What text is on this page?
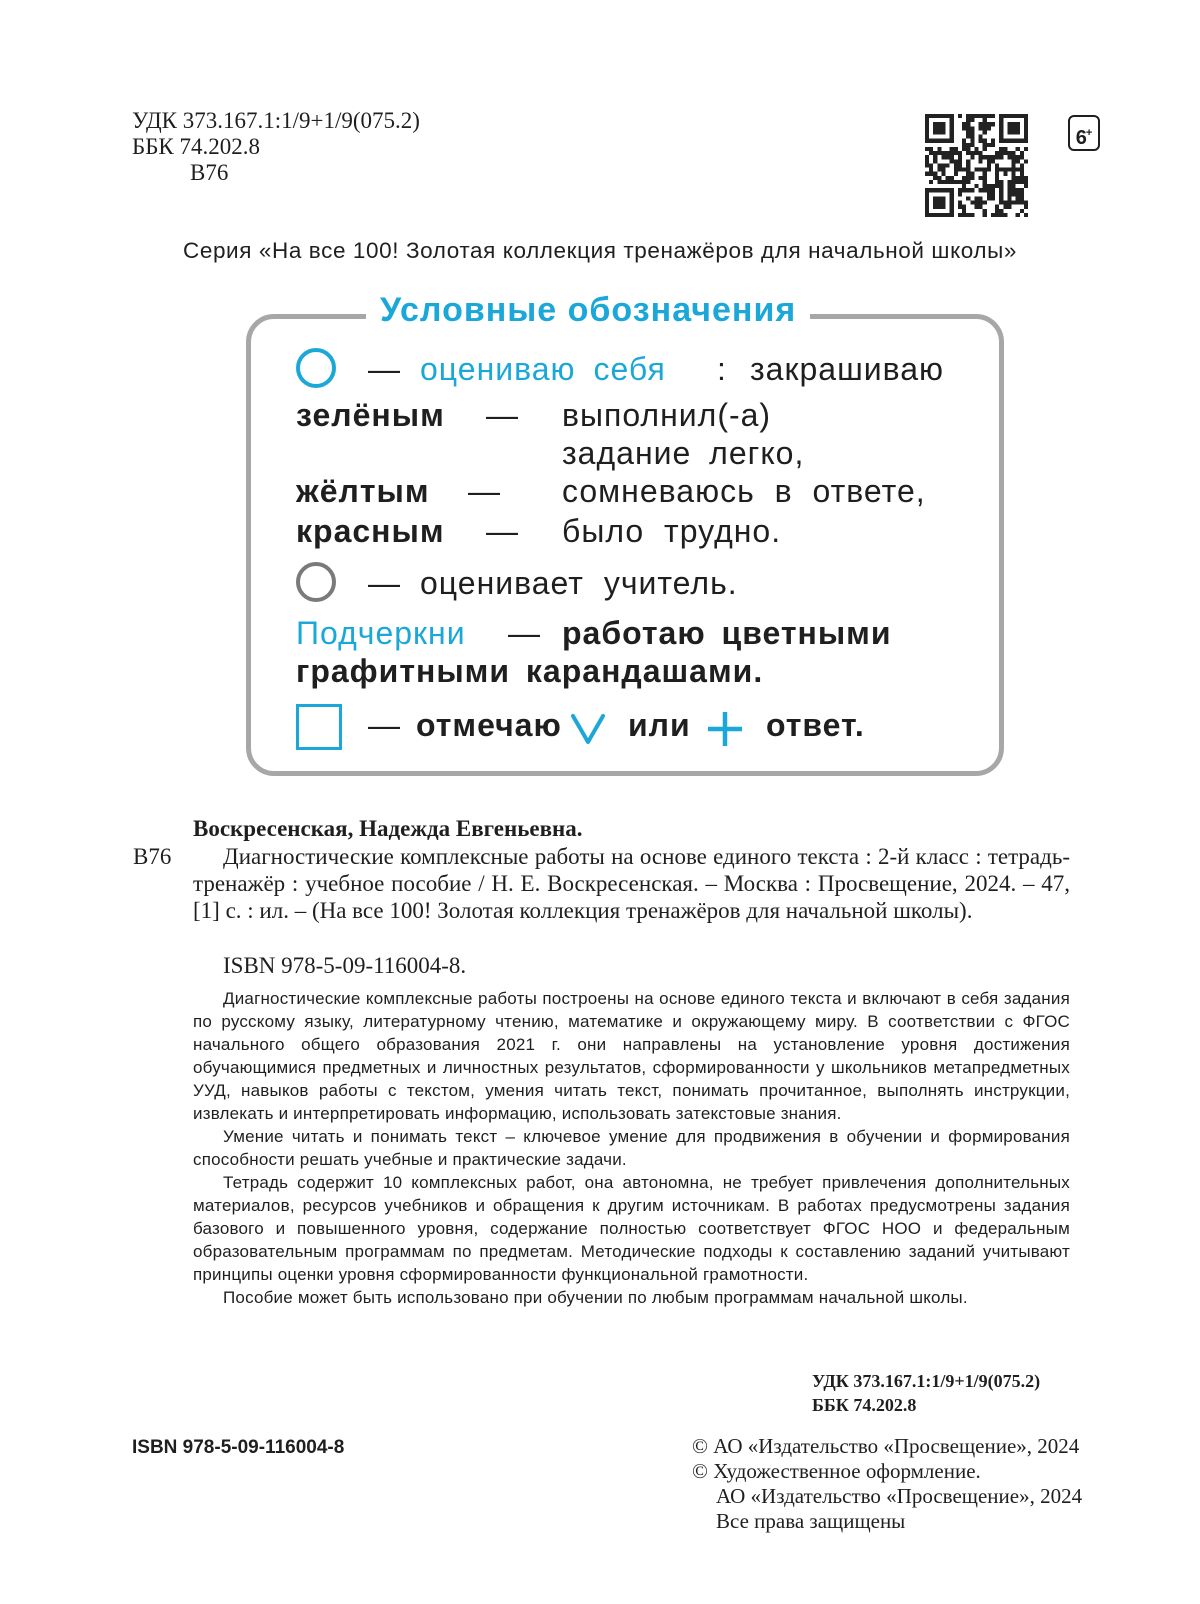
УДК 373.167.1:1/9+1/9(075.2)
ББК 74.202.8
В76
6+
Серия «На все 100! Золотая коллекция тренажёров для начальной школы»
Условные обозначения
— оцениваю себя : закрашиваю
зелёным — выполнил(-а)
задание легко,
жёлтым — сомневаюсь в ответе,
красным — было трудно.
— оценивает учитель.
Подчеркни — работаю цветными
графитными карандашами.
— отмечаю или ответ.
Воскресенская, Надежда Евгеньевна.
В76	Диагностические комплексные работы на основе единого текста : 2-й класс : тетрадь-тренажёр : учебное пособие / Н. Е. Воскресенская. – Москва : Просвещение, 2024. – 47, [1] с. : ил. – (На все 100! Золотая коллекция тренажёров для начальной школы).
ISBN 978-5-09-116004-8.

Диагностические комплексные работы построены на основе единого текста и включают в себя задания по русскому языку, литературному чтению, математике и окружающему миру. В соответствии с ФГОС начального общего образования 2021 г. они направлены на установление уровня достижения обучающимися предметных и личностных результатов, сформированности у школьников метапредметных УУД, навыков работы с текстом, умения читать текст, понимать прочитанное, выполнять инструкции, извлекать и интерпретировать информацию, использовать затекстовые знания.

Умение читать и понимать текст – ключевое умение для продвижения в обучении и формирования способности решать учебные и практические задачи.

Тетрадь содержит 10 комплексных работ, она автономна, не требует привлечения дополнительных материалов, ресурсов учебников и обращения к другим источникам. В работах предусмотрены задания базового и повышенного уровня, содержание полностью соответствует ФГОС НОО и федеральным образовательным программам по предметам. Методические подходы к составлению заданий учитывают принципы оценки уровня сформированности функциональной грамотности.

Пособие может быть использовано при обучении по любым программам начальной школы.

УДК 373.167.1:1/9+1/9(075.2)
ББК 74.202.8
ISBN 978-5-09-116004-8	© АО «Издательство «Просвещение», 2024
© Художественное оформление.
АО «Издательство «Просвещение», 2024
Все права защищены
